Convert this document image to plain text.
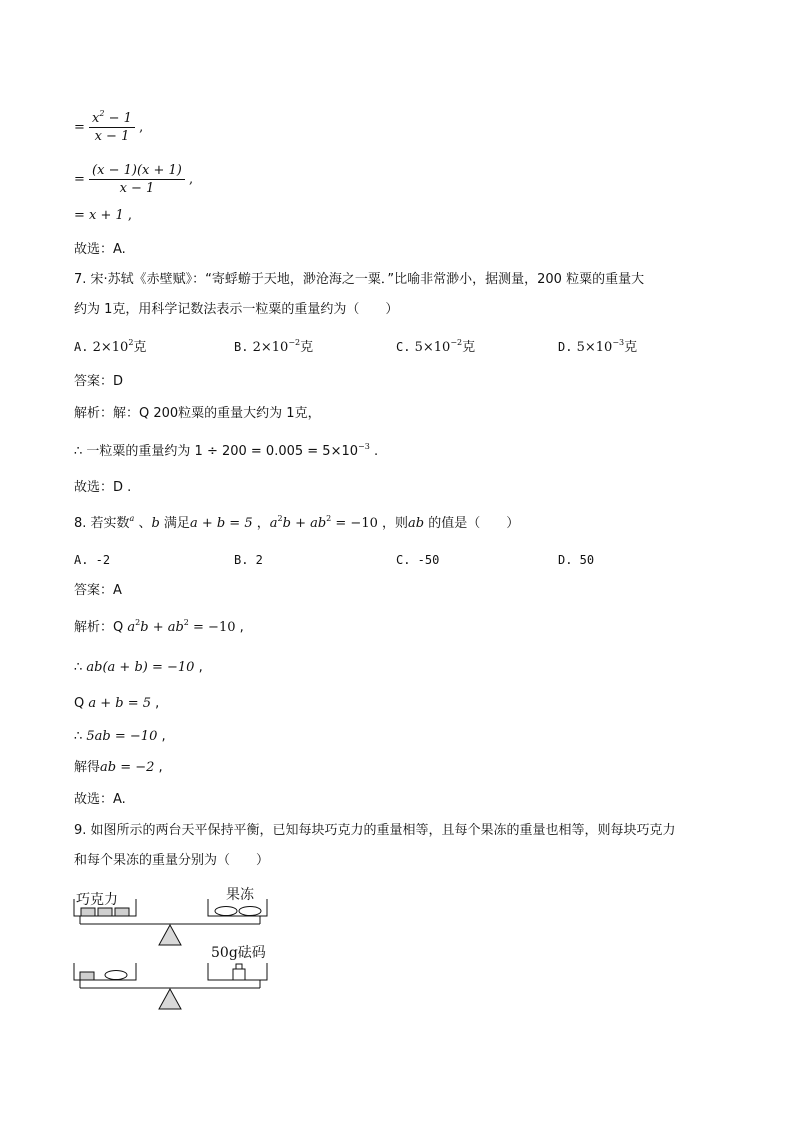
= $\frac{x^2 - 1}{x - 1}$ ,
= $\frac{(x - 1)(x + 1)}{x - 1}$ ,
= x + 1 ,
故选：A.
7. 宋·苏轼《赤壁赋》：“寄蜉蝣于天地，渺沧海之一粟．”比喻非常渺小，据测量，200 粒粟的重量大
约为 1克，用科学记数法表示一粒粟的重量约为（　　）
A. $2\times 10^2$克	B. $2\times 10^{-2}$克	C. $5\times 10^{-2}$克	D. $5\times 10^{-3}$克
答案：D
解析：解：Q 200粒粟的重量大约为 1克，
∴ 一粒粟的重量约为 $1 \div 200 = 0.005 = 5\times 10^{-3}$ .
故选：D .
8. 若实数$^a$ 、b 满足a + b = 5 ，$a^2b + ab^2 = -10$ ，则ab 的值是（　　）
A. -2	B. 2	C. -50	D. 50
答案：A
解析：Q $a^2b + ab^2 = -10$ ,
∴ ab(a + b) = −10 ,
Q a + b = 5 ,
∴ 5ab = −10 ,
解得ab = −2 ,
故选：A.
9. 如图所示的两台天平保持平衡，已知每块巧克力的重量相等，且每个果冻的重量也相等，则每块巧克力
和每个果冻的重量分别为（　　）
巧克力	果冻
50g砝码
